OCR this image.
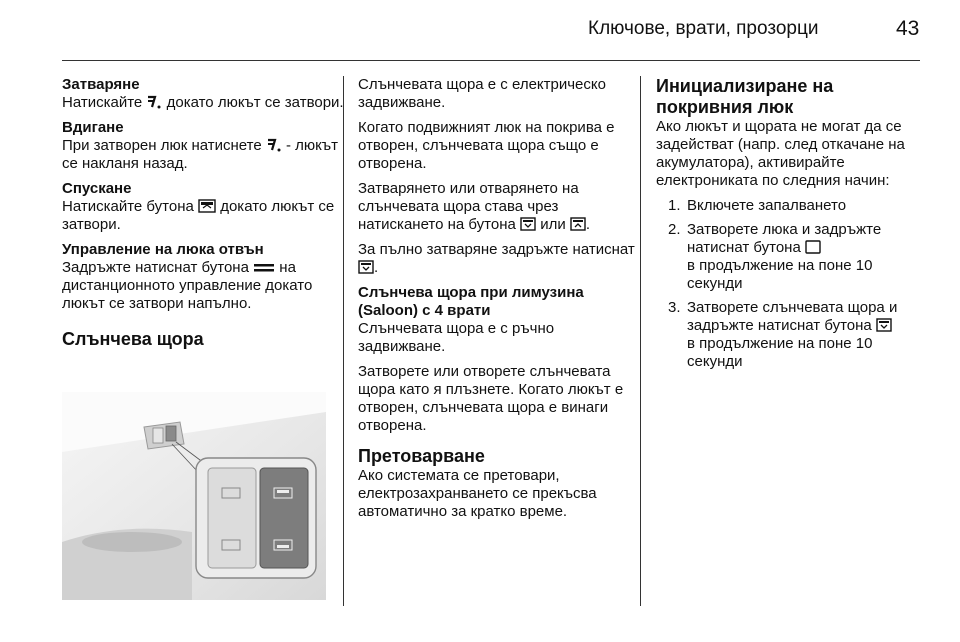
Ключове, врати, прозорци	43
Затваряне

Натискайте докато люкът се затвори.

Вдигане

При затворен люк натиснете - люкът се накланя назад.

Спускане

Натискайте бутона докато люкът се затвори.

Управление на люка отвън

Задръжте натиснат бутона на дистанционното управление докато люкът се затвори напълно.

Слънчева щора

Слънчевата щора е с електрическо задвижване.

Когато подвижният люк на покрива е отворен, слънчевата щора също е отворена.

Затварянето или отварянето на слънчевата щора става чрез натискането на бутона или .

За пълно затваряне задръжте натиснат .

Слънчева щора при лимузина (Saloon) с 4 врати

Слънчевата щора е с ръчно задвижване.

Затворете или отворете слънчевата щора като я плъзнете. Когато люкът е отворен, слънчевата щора е винаги отворена.

Претоварване

Ако системата се претовари, електрозахранването се прекъсва автоматично за кратко време.

Инициализиране на покривния люк

Ако люкът и щората не могат да се задействат (напр. след откачане на акумулатора), активирайте електрониката по следния начин:

1. Включете запалването
2. Затворете люка и задръжте натиснат бутона
в продължение на поне 10 секунди
3. Затворете слънчевата щора и задръжте натиснат бутона
в продължение на поне 10 секунди
